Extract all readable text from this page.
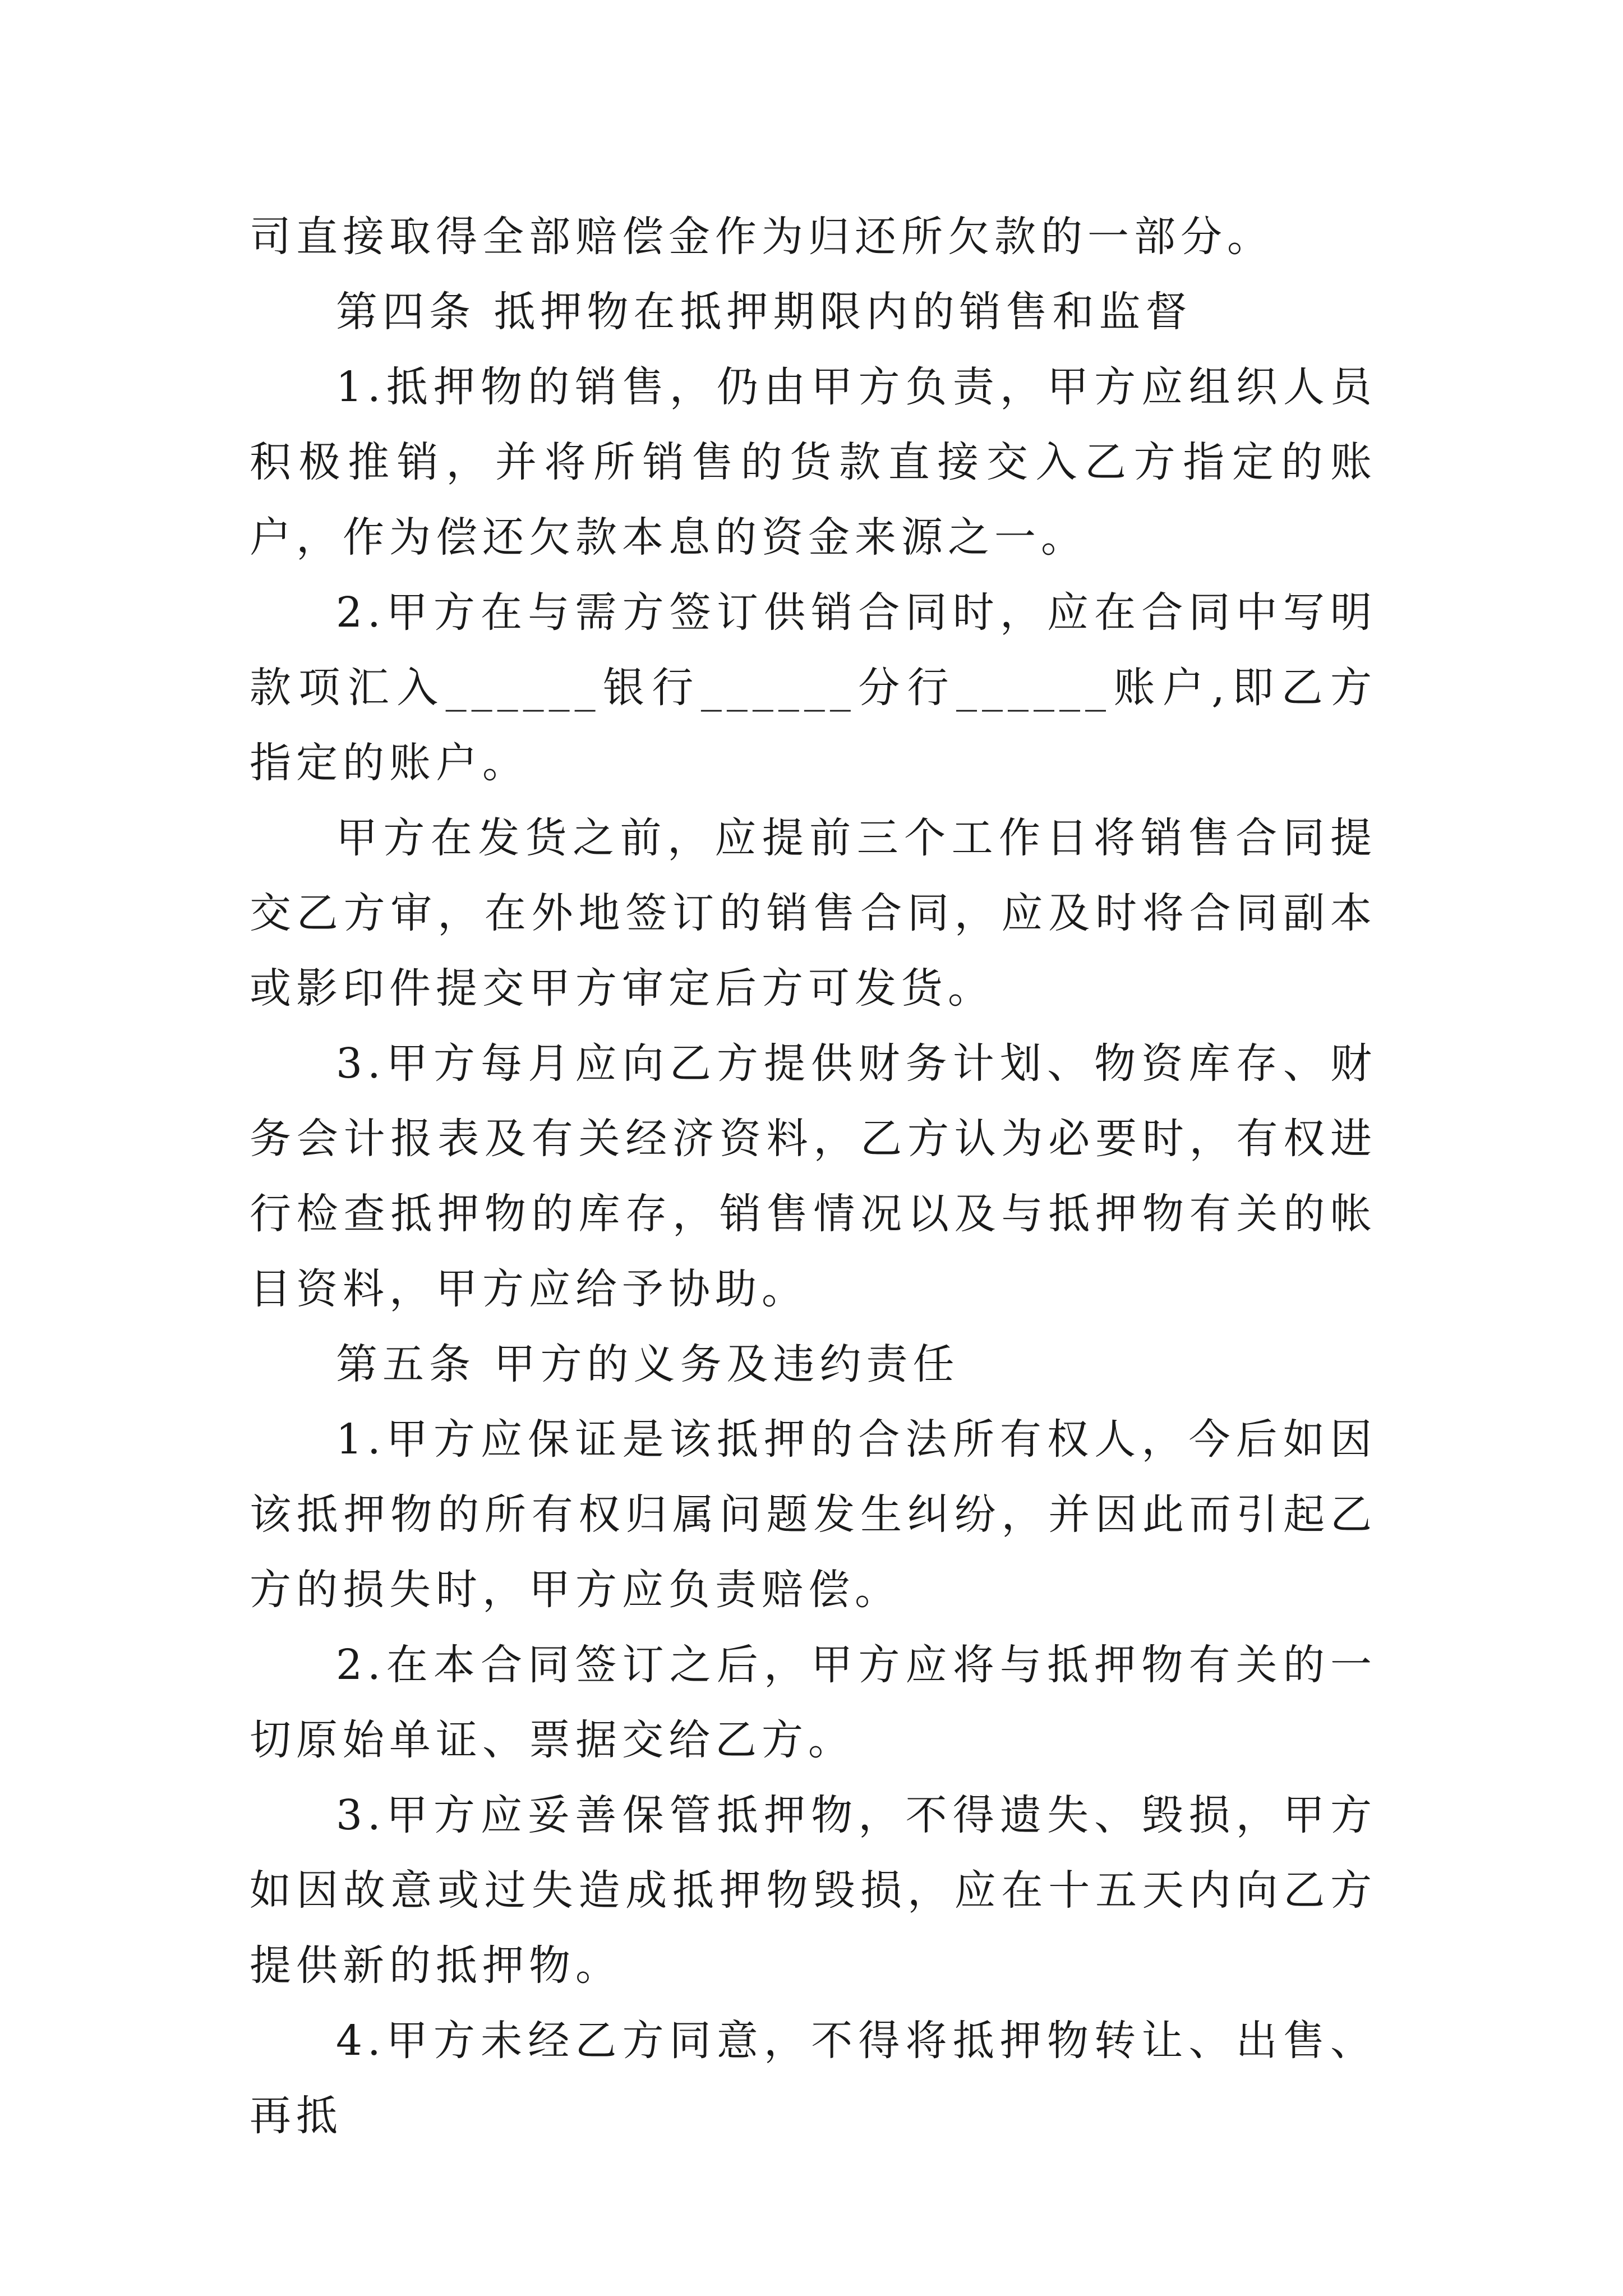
司直接取得全部赔偿金作为归还所欠款的一部分。

第四条 抵押物在抵押期限内的销售和监督

1.抵押物的销售，仍由甲方负责，甲方应组织人员积极推销，并将所销售的货款直接交入乙方指定的账户，作为偿还欠款本息的资金来源之一。

2.甲方在与需方签订供销合同时，应在合同中写明款项汇入______银行______分行______账户,即乙方指定的账户。

甲方在发货之前，应提前三个工作日将销售合同提交乙方审，在外地签订的销售合同，应及时将合同副本或影印件提交甲方审定后方可发货。

3.甲方每月应向乙方提供财务计划、物资库存、财务会计报表及有关经济资料，乙方认为必要时，有权进行检查抵押物的库存，销售情况以及与抵押物有关的帐目资料，甲方应给予协助。

第五条 甲方的义务及违约责任

1.甲方应保证是该抵押的合法所有权人，今后如因该抵押物的所有权归属问题发生纠纷，并因此而引起乙方的损失时，甲方应负责赔偿。

2.在本合同签订之后，甲方应将与抵押物有关的一切原始单证、票据交给乙方。

3.甲方应妥善保管抵押物，不得遗失、毁损，甲方如因故意或过失造成抵押物毁损，应在十五天内向乙方提供新的抵押物。

4.甲方未经乙方同意，不得将抵押物转让、出售、再抵
